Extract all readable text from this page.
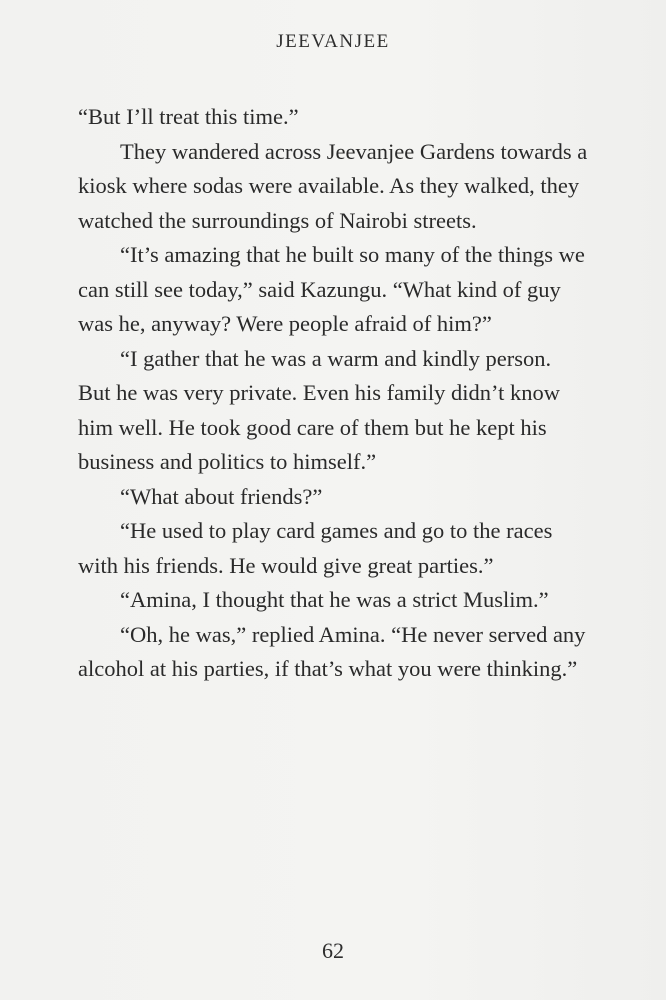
JEEVANJEE

“But I’ll treat this time.”

They wandered across Jeevanjee Gardens towards a kiosk where sodas were available. As they walked, they watched the surroundings of Nairobi streets.

“It’s amazing that he built so many of the things we can still see today,” said Kazungu. “What kind of guy was he, anyway? Were people afraid of him?”

“I gather that he was a warm and kindly person. But he was very private. Even his family didn’t know him well. He took good care of them but he kept his business and politics to himself.”

“What about friends?”

“He used to play card games and go to the races with his friends. He would give great parties.”

“Amina, I thought that he was a strict Muslim.”

“Oh, he was,” replied Amina. “He never served any alcohol at his parties, if that’s what you were thinking.”

62
